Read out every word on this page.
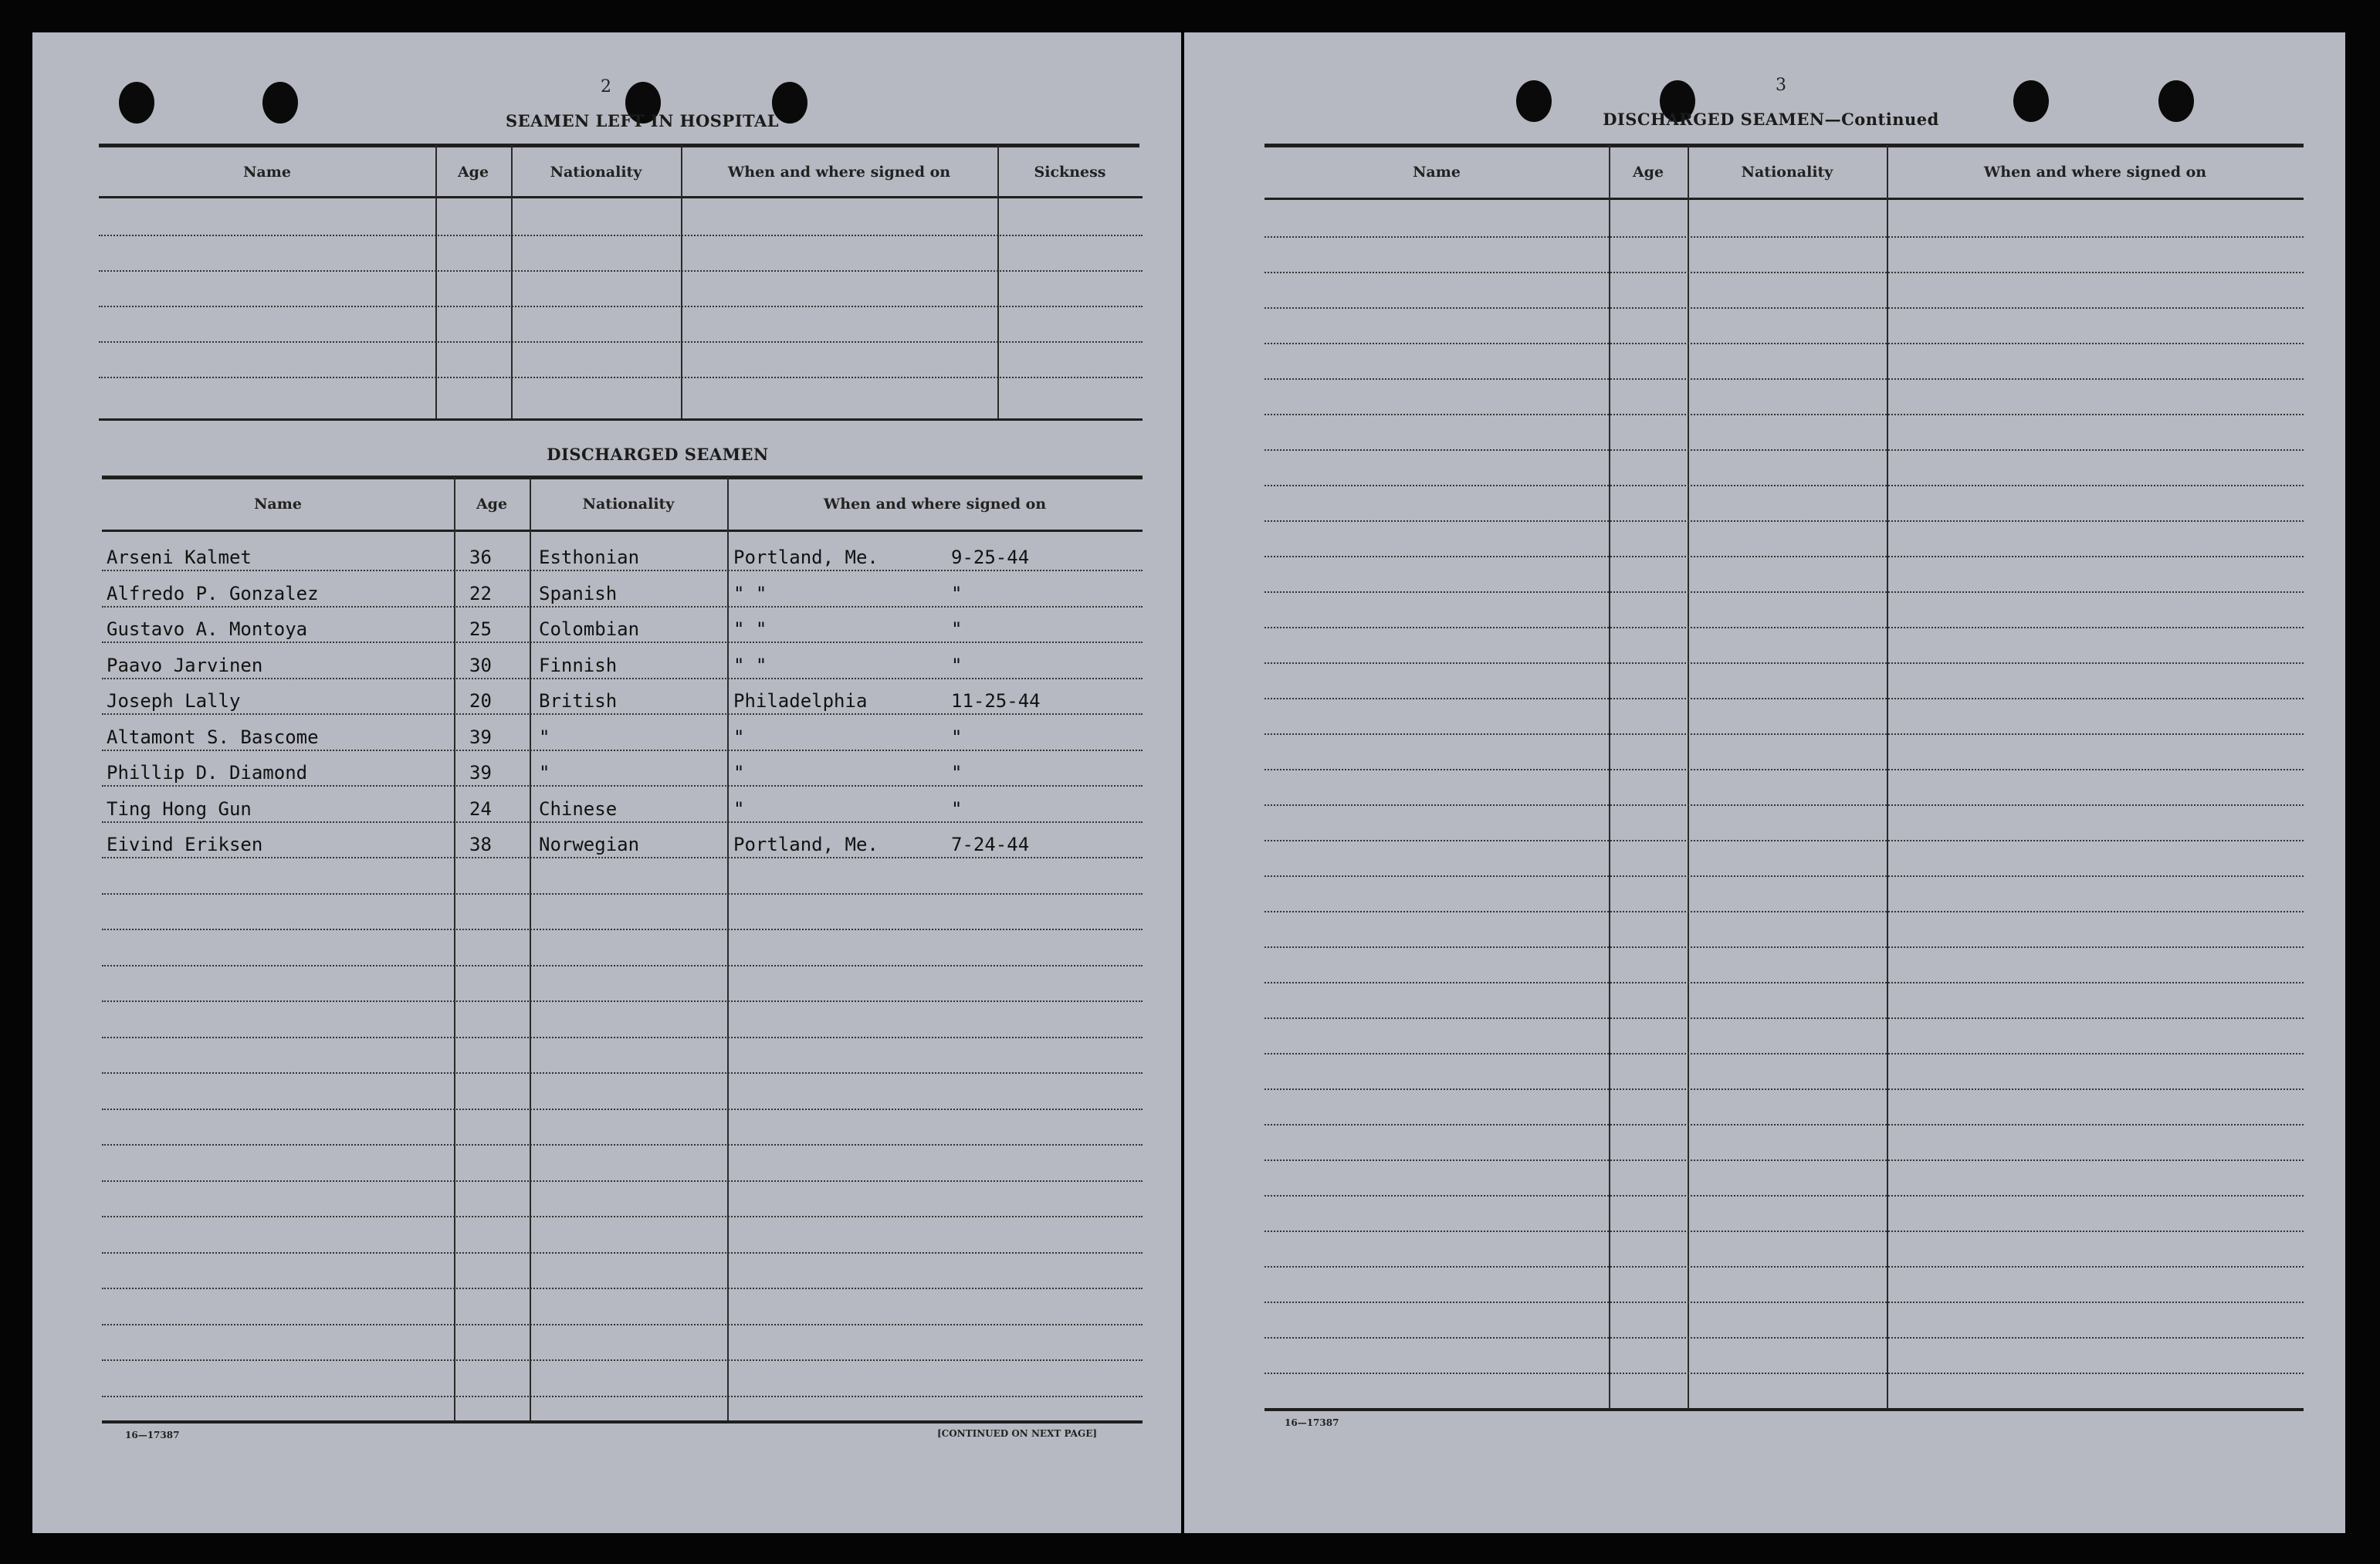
2
SEAMEN LEFT IN HOSPITAL
Name	Age	Nationality	When and where signed on	Sickness
DISCHARGED SEAMEN
Name	Age	Nationality	When and where signed on
Arseni Kalmet	36	Esthonian	Portland, Me.	9-25-44
Alfredo P. Gonzalez	22	Spanish	" "	"
Gustavo A. Montoya	25	Colombian	" "	"
Paavo Jarvinen	30	Finnish	" "	"
Joseph Lally	20	British	Philadelphia	11-25-44
Altamont S. Bascome	39	"	"	"
Phillip D. Diamond	39	"	"	"
Ting Hong Gun	24	Chinese	"	"
Eivind Eriksen	38	Norwegian	Portland, Me.	7-24-44
16—17387	[CONTINUED ON NEXT PAGE]
3
DISCHARGED SEAMEN—Continued
Name	Age	Nationality	When and where signed on
16—17387
